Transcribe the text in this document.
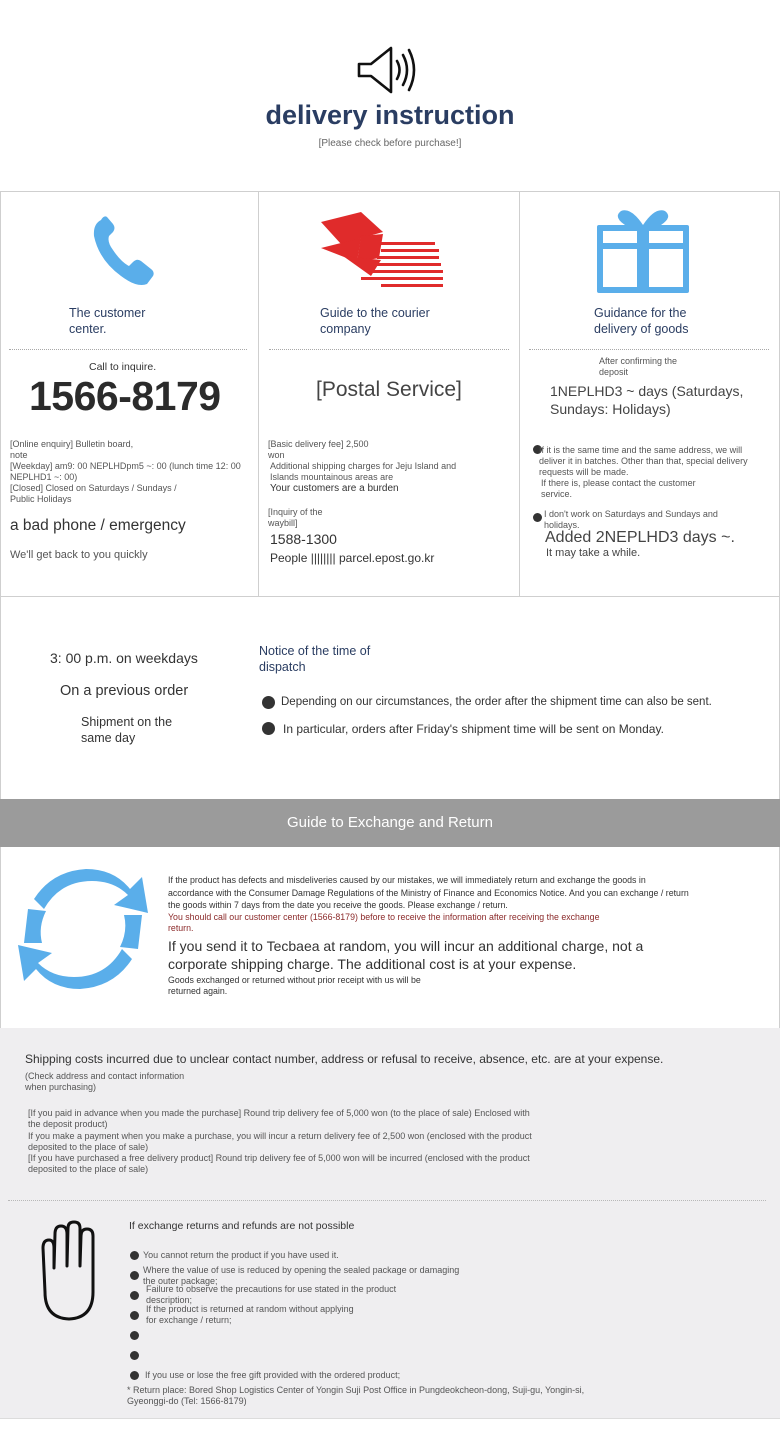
delivery instruction
[Please check before purchase!]
The customer
center.
Call to inquire.
1566-8179
[Online enquiry] Bulletin board,
note
[Weekday] am9: 00 NEPLHDpm5 ~: 00 (lunch time 12: 00
NEPLHD1 ~: 00)
[Closed] Closed on Saturdays / Sundays /
Public Holidays
a bad phone / emergency
We'll get back to you quickly
Guide to the courier
company
[Postal Service]
[Basic delivery fee] 2,500
won
Additional shipping charges for Jeju Island and
Islands mountainous areas are
Your customers are a burden
[Inquiry of the
waybill]
1588-1300
People |||||||| parcel.epost.go.kr
Guidance for the
delivery of goods
After confirming the
deposit
1NEPLHD3 ~ days (Saturdays,
Sundays: Holidays)
If it is the same time and the same address, we will
deliver it in batches. Other than that, special delivery
requests will be made.
If there is, please contact the customer
service.
I don't work on Saturdays and Sundays and
holidays.
Added 2NEPLHD3 days ~.
It may take a while.
3: 00 p.m. on weekdays
On a previous order
Shipment on the
same day
Notice of the time of
dispatch
Depending on our circumstances, the order after the shipment time can also be sent.
In particular, orders after Friday's shipment time will be sent on Monday.
Guide to Exchange and Return
If the product has defects and misdeliveries caused by our mistakes, we will immediately return and exchange the goods in
accordance with the Consumer Damage Regulations of the Ministry of Finance and Economics Notice. And you can exchange / return
the goods within 7 days from the date you receive the goods. Please exchange / return.
You should call our customer center (1566-8179) before to receive the information after receiving the exchange
return.
If you send it to Tecbaea at random, you will incur an additional charge, not a
corporate shipping charge. The additional cost is at your expense.
Goods exchanged or returned without prior receipt with us will be
returned again.
Shipping costs incurred due to unclear contact number, address or refusal to receive, absence, etc. are at your expense.
(Check address and contact information
when purchasing)
[If you paid in advance when you made the purchase] Round trip delivery fee of 5,000 won (to the place of sale) Enclosed with
the deposit product)
If you make a payment when you make a purchase, you will incur a return delivery fee of 2,500 won (enclosed with the product
deposited to the place of sale)
[If you have purchased a free delivery product] Round trip delivery fee of 5,000 won will be incurred (enclosed with the product
deposited to the place of sale)
If exchange returns and refunds are not possible
You cannot return the product if you have used it.
Where the value of use is reduced by opening the sealed package or damaging
the outer package;
Failure to observe the precautions for use stated in the product
description;
If the product is returned at random without applying
for exchange / return;
If you use or lose the free gift provided with the ordered product;
* Return place: Bored Shop Logistics Center of Yongin Suji Post Office in Pungdeokcheon-dong, Suji-gu, Yongin-si,
Gyeonggi-do (Tel: 1566-8179)
